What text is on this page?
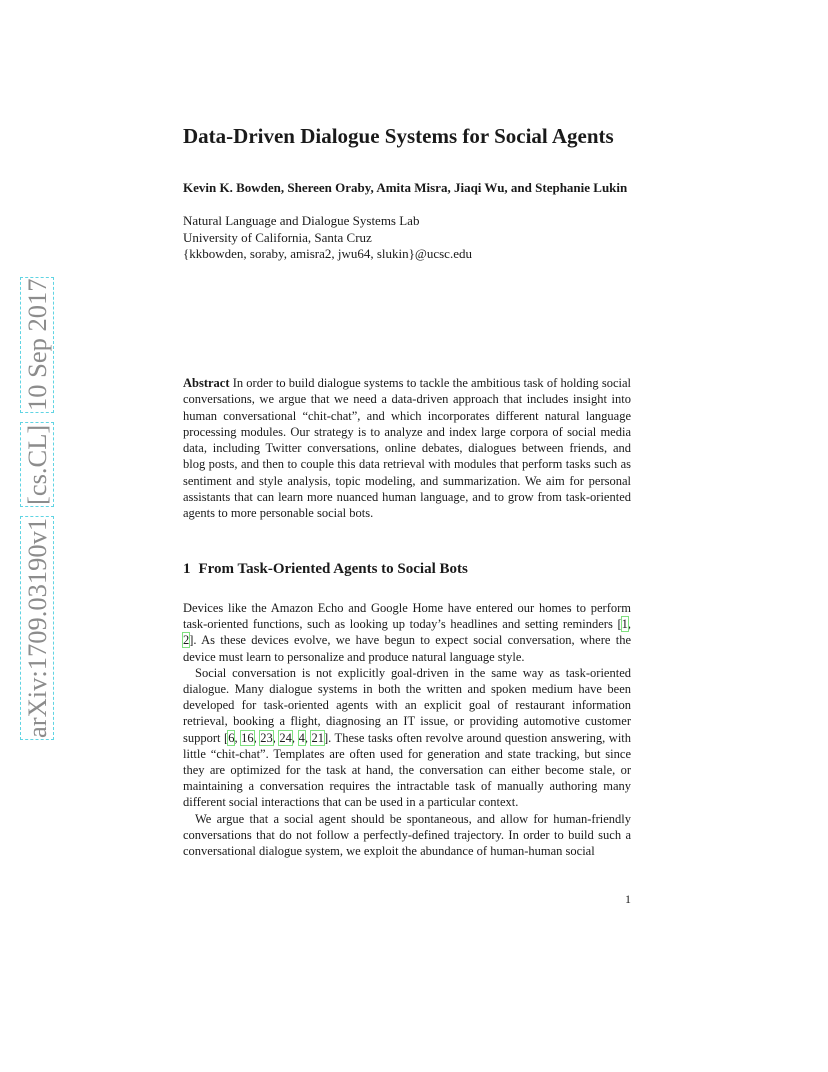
arXiv:1709.03190v1  [cs.CL]  10 Sep 2017
Data-Driven Dialogue Systems for Social Agents
Kevin K. Bowden, Shereen Oraby, Amita Misra, Jiaqi Wu, and Stephanie Lukin
Natural Language and Dialogue Systems Lab
University of California, Santa Cruz
{kkbowden, soraby, amisra2, jwu64, slukin}@ucsc.edu
Abstract In order to build dialogue systems to tackle the ambitious task of holding social conversations, we argue that we need a data-driven approach that includes insight into human conversational “chit-chat”, and which incorporates different natural language processing modules. Our strategy is to analyze and index large corpora of social media data, including Twitter conversations, online debates, dialogues between friends, and blog posts, and then to couple this data retrieval with modules that perform tasks such as sentiment and style analysis, topic modeling, and summarization. We aim for personal assistants that can learn more nuanced human language, and to grow from task-oriented agents to more personable social bots.
1 From Task-Oriented Agents to Social Bots

Devices like the Amazon Echo and Google Home have entered our homes to perform task-oriented functions, such as looking up today’s headlines and setting reminders [1, 2]. As these devices evolve, we have begun to expect social conversation, where the device must learn to personalize and produce natural language style.

Social conversation is not explicitly goal-driven in the same way as task-oriented dialogue. Many dialogue systems in both the written and spoken medium have been developed for task-oriented agents with an explicit goal of restaurant information retrieval, booking a flight, diagnosing an IT issue, or providing automotive customer support [6, 16, 23, 24, 4, 21]. These tasks often revolve around question answering, with little “chit-chat”. Templates are often used for generation and state tracking, but since they are optimized for the task at hand, the conversation can either become stale, or maintaining a conversation requires the intractable task of manually authoring many different social interactions that can be used in a particular context.

We argue that a social agent should be spontaneous, and allow for human-friendly conversations that do not follow a perfectly-defined trajectory. In order to build such a conversational dialogue system, we exploit the abundance of human-human social

1
